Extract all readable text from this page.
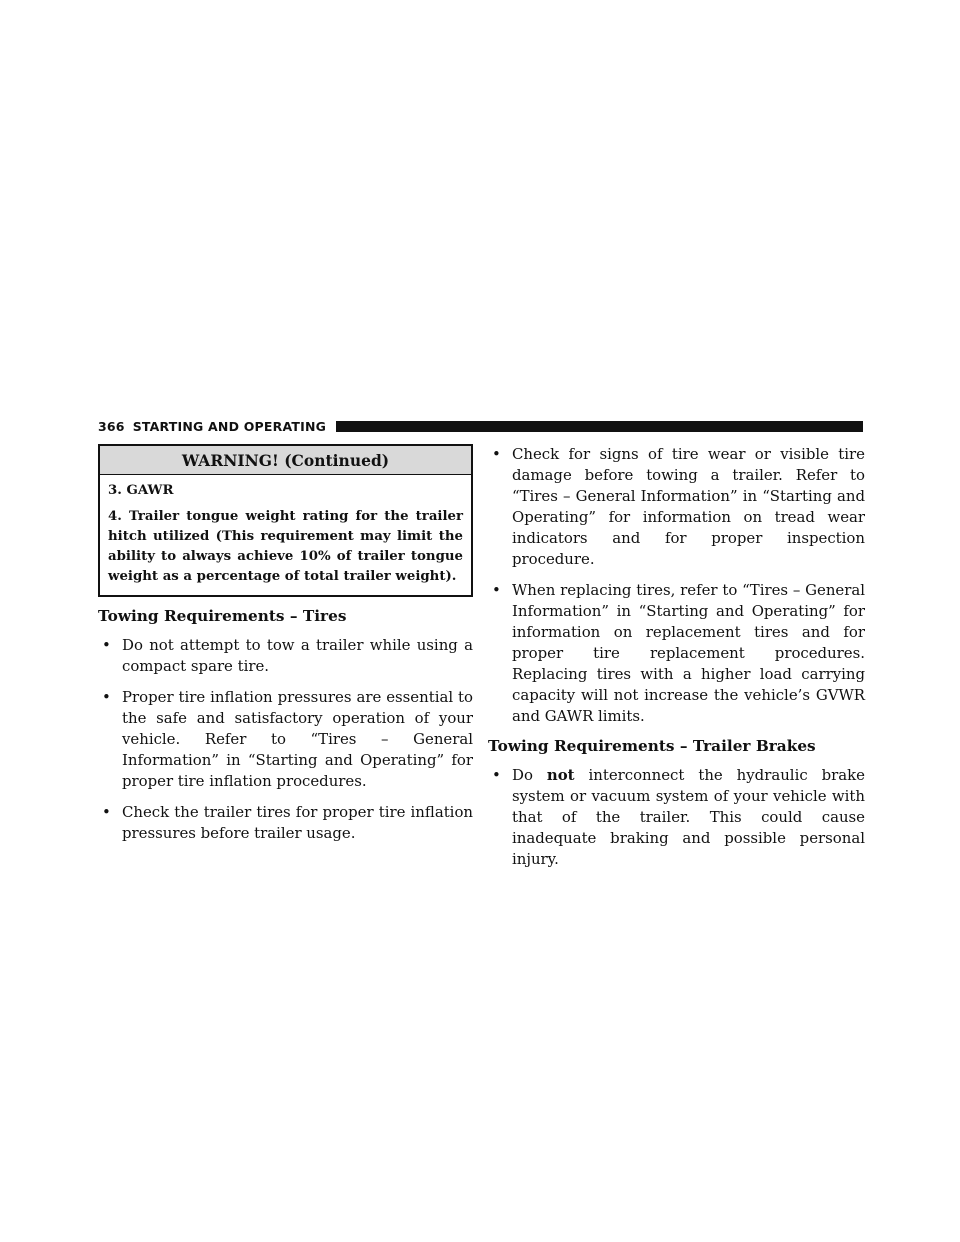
366 STARTING AND OPERATING
WARNING! (Continued)

3. GAWR

4. Trailer tongue weight rating for the trailer hitch utilized (This requirement may limit the ability to always achieve 10% of trailer tongue weight as a percentage of total trailer weight).

Towing Requirements – Tires
• Do not attempt to tow a trailer while using a compact spare tire.
• Proper tire inflation pressures are essential to the safe and satisfactory operation of your vehicle. Refer to “Tires – General Information” in “Starting and Operating” for proper tire inflation procedures.
• Check the trailer tires for proper tire inflation pressures before trailer usage.
• Check for signs of tire wear or visible tire damage before towing a trailer. Refer to “Tires – General Information” in “Starting and Operating” for information on tread wear indicators and for proper inspection procedure.
• When replacing tires, refer to “Tires – General Information” in “Starting and Operating” for information on replacement tires and for proper tire replacement procedures. Replacing tires with a higher load carrying capacity will not increase the vehicle’s GVWR and GAWR limits.
Towing Requirements – Trailer Brakes
• Do not interconnect the hydraulic brake system or vacuum system of your vehicle with that of the trailer. This could cause inadequate braking and possible personal injury.
